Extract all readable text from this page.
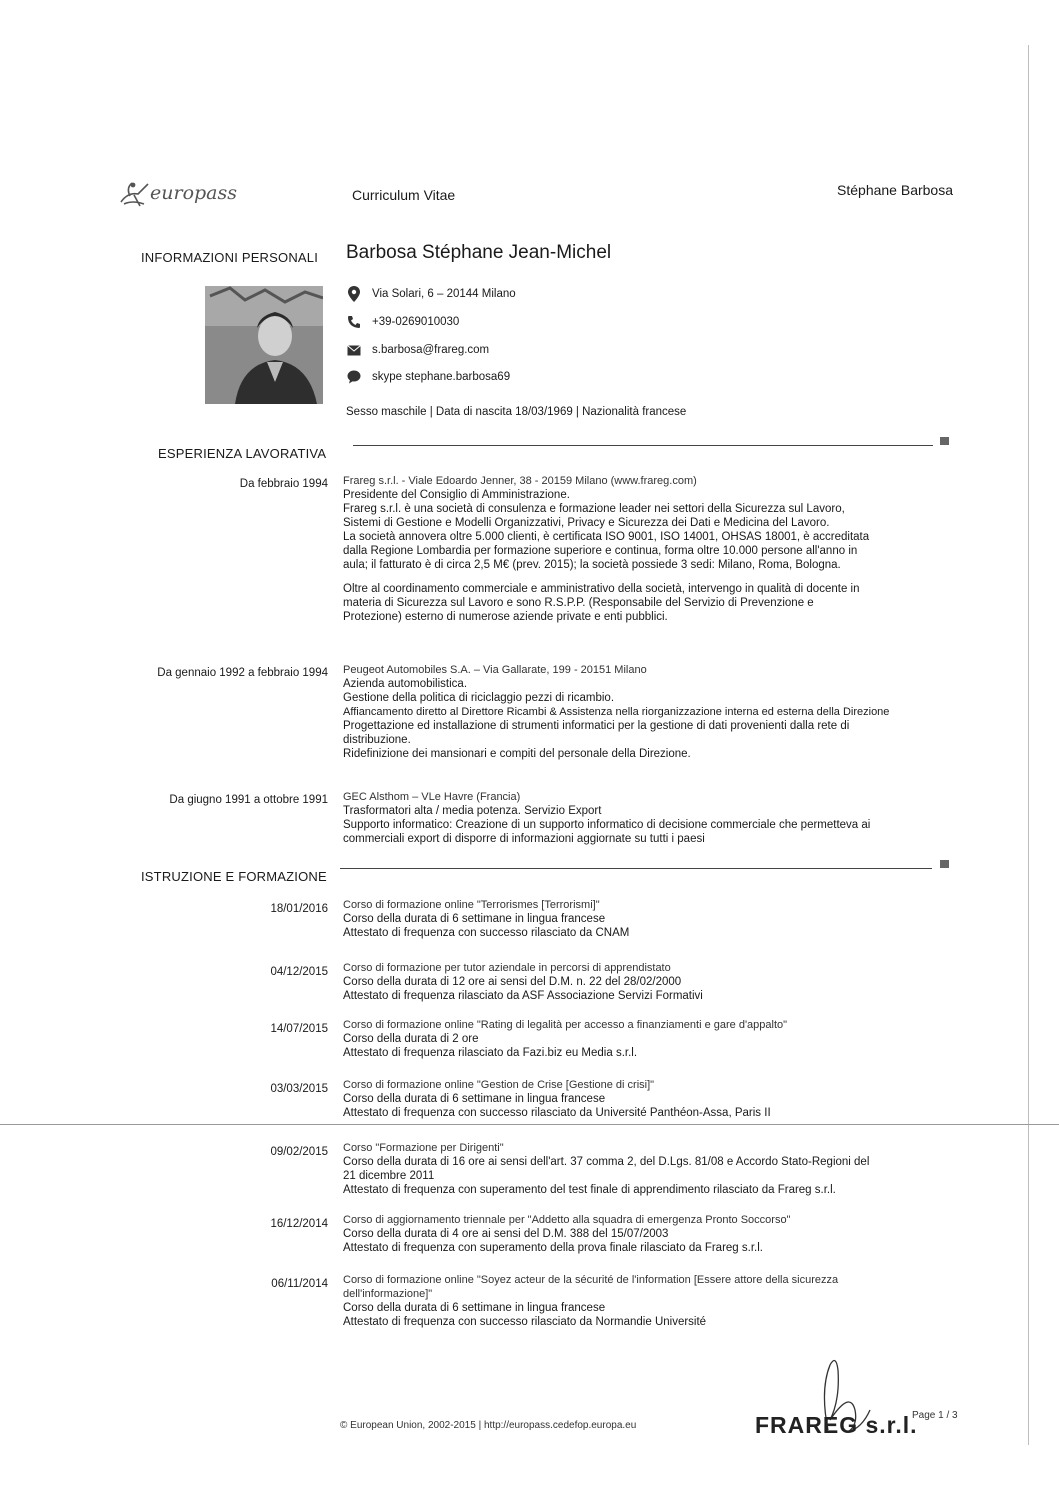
europass	Curriculum Vitae	Stéphane Barbosa
INFORMAZIONI PERSONALI Barbosa Stéphane Jean-Michel
Via Solari, 6 – 20144 Milano
+39-0269010030
s.barbosa@frareg.com
skype stephane.barbosa69
Sesso maschile | Data di nascita 18/03/1969 | Nazionalità francese
ESPERIENZA LAVORATIVA
Da febbraio 1994 Frareg s.r.l. - Viale Edoardo Jenner, 38 - 20159 Milano (www.frareg.com)

Presidente del Consiglio di Amministrazione.

Frareg s.r.l. è una società di consulenza e formazione leader nei settori della Sicurezza sul Lavoro,

Sistemi di Gestione e Modelli Organizzativi, Privacy e Sicurezza dei Dati e Medicina del Lavoro.

La società annovera oltre 5.000 clienti, è certificata ISO 9001, ISO 14001, OHSAS 18001, è accreditata

dalla Regione Lombardia per formazione superiore e continua, forma oltre 10.000 persone all'anno in

aula; il fatturato è di circa 2,5 M€ (prev. 2015); la società possiede 3 sedi: Milano, Roma, Bologna.

Oltre al coordinamento commerciale e amministrativo della società, intervengo in qualità di docente in

materia di Sicurezza sul Lavoro e sono R.S.P.P. (Responsabile del Servizio di Prevenzione e

Protezione) esterno di numerose aziende private e enti pubblici.

Da gennaio 1992 a febbraio 1994 Peugeot Automobiles S.A. – Via Gallarate, 199 - 20151 Milano

Azienda automobilistica.

Gestione della politica di riciclaggio pezzi di ricambio.

Affiancamento diretto al Direttore Ricambi & Assistenza nella riorganizzazione interna ed esterna della Direzione

Progettazione ed installazione di strumenti informatici per la gestione di dati provenienti dalla rete di

distribuzione.

Ridefinizione dei mansionari e compiti del personale della Direzione.

Da giugno 1991 a ottobre 1991 GEC Alsthom – VLe Havre (Francia)

Trasformatori alta / media potenza. Servizio Export

Supporto informatico: Creazione di un supporto informatico di decisione commerciale che permetteva ai

commerciali export di disporre di informazioni aggiornate su tutti i paesi

ISTRUZIONE E FORMAZIONE
18/01/2016 Corso di formazione online "Terrorismes [Terrorismi]"

Corso della durata di 6 settimane in lingua francese

Attestato di frequenza con successo rilasciato da CNAM

04/12/2015 Corso di formazione per tutor aziendale in percorsi di apprendistato

Corso della durata di 12 ore ai sensi del D.M. n. 22 del 28/02/2000

Attestato di frequenza rilasciato da ASF Associazione Servizi Formativi

14/07/2015 Corso di formazione online "Rating di legalità per accesso a finanziamenti e gare d'appalto"

Corso della durata di 2 ore

Attestato di frequenza rilasciato da Fazi.biz eu Media s.r.l.

03/03/2015 Corso di formazione online "Gestion de Crise [Gestione di crisi]"

Corso della durata di 6 settimane in lingua francese

Attestato di frequenza con successo rilasciato da Université Panthéon-Assa, Paris II

09/02/2015 Corso "Formazione per Dirigenti"

Corso della durata di 16 ore ai sensi dell'art. 37 comma 2, del D.Lgs. 81/08 e Accordo Stato-Regioni del

21 dicembre 2011

Attestato di frequenza con superamento del test finale di apprendimento rilasciato da Frareg s.r.l.

16/12/2014 Corso di aggiornamento triennale per "Addetto alla squadra di emergenza Pronto Soccorso"

Corso della durata di 4 ore ai sensi del D.M. 388 del 15/07/2003

Attestato di frequenza con superamento della prova finale rilasciato da Frareg s.r.l.

06/11/2014 Corso di formazione online "Soyez acteur de la sécurité de l'information [Essere attore della sicurezza

dell'informazione]"

Corso della durata di 6 settimane in lingua francese

Attestato di frequenza con successo rilasciato da Normandie Université

© European Union, 2002-2015 | http://europass.cedefop.europa.eu	FRAREG s.r.l.
Page 1 / 3
